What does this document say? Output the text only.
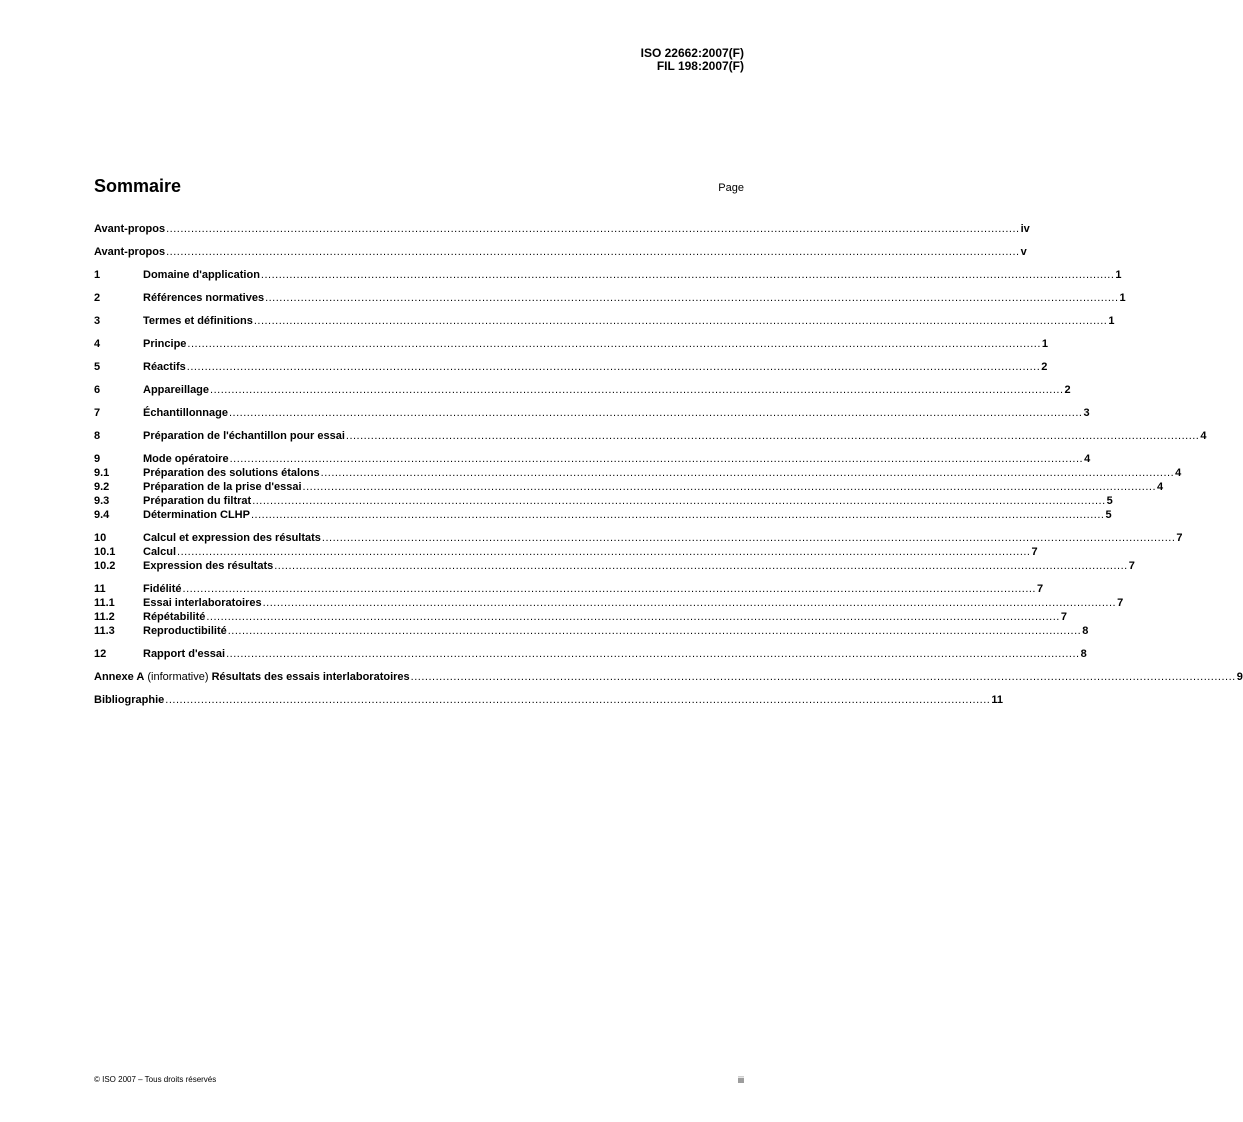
ISO 22662:2007(F)
FIL 198:2007(F)
Sommaire	Page
Avant-propos ................................................................................................................................................................................................................................................ iv
Avant-propos ................................................................................................................................................................................................................................................ v
1	Domaine d'application ................................................................................................................................................................................................................................................ 1
2	Références normatives ................................................................................................................................................................................................................................................ 1
3	Termes et définitions ................................................................................................................................................................................................................................................ 1
4	Principe ................................................................................................................................................................................................................................................ 1
5	Réactifs ................................................................................................................................................................................................................................................ 2
6	Appareillage ................................................................................................................................................................................................................................................ 2
7	Échantillonnage ................................................................................................................................................................................................................................................ 3
8	Préparation de l'échantillon pour essai ................................................................................................................................................................................................................................................ 4
9	Mode opératoire ................................................................................................................................................................................................................................................ 4
9.1	Préparation des solutions étalons ................................................................................................................................................................................................................................................ 4
9.2	Préparation de la prise d'essai ................................................................................................................................................................................................................................................ 4
9.3	Préparation du filtrat ................................................................................................................................................................................................................................................ 5
9.4	Détermination CLHP ................................................................................................................................................................................................................................................ 5
10	Calcul et expression des résultats ................................................................................................................................................................................................................................................ 7
10.1	Calcul ................................................................................................................................................................................................................................................ 7
10.2	Expression des résultats ................................................................................................................................................................................................................................................ 7
11	Fidélité ................................................................................................................................................................................................................................................ 7
11.1	Essai interlaboratoires ................................................................................................................................................................................................................................................ 7
11.2	Répétabilité ................................................................................................................................................................................................................................................ 7
11.3	Reproductibilité ................................................................................................................................................................................................................................................ 8
12	Rapport d'essai ................................................................................................................................................................................................................................................ 8
Annexe A (informative) Résultats des essais interlaboratoires ........................................................................................................................................................................................................................................ 9
Bibliographie ........................................................................................................................................................................................................................................ 11
© ISO 2007 – Tous droits réservés	iii
